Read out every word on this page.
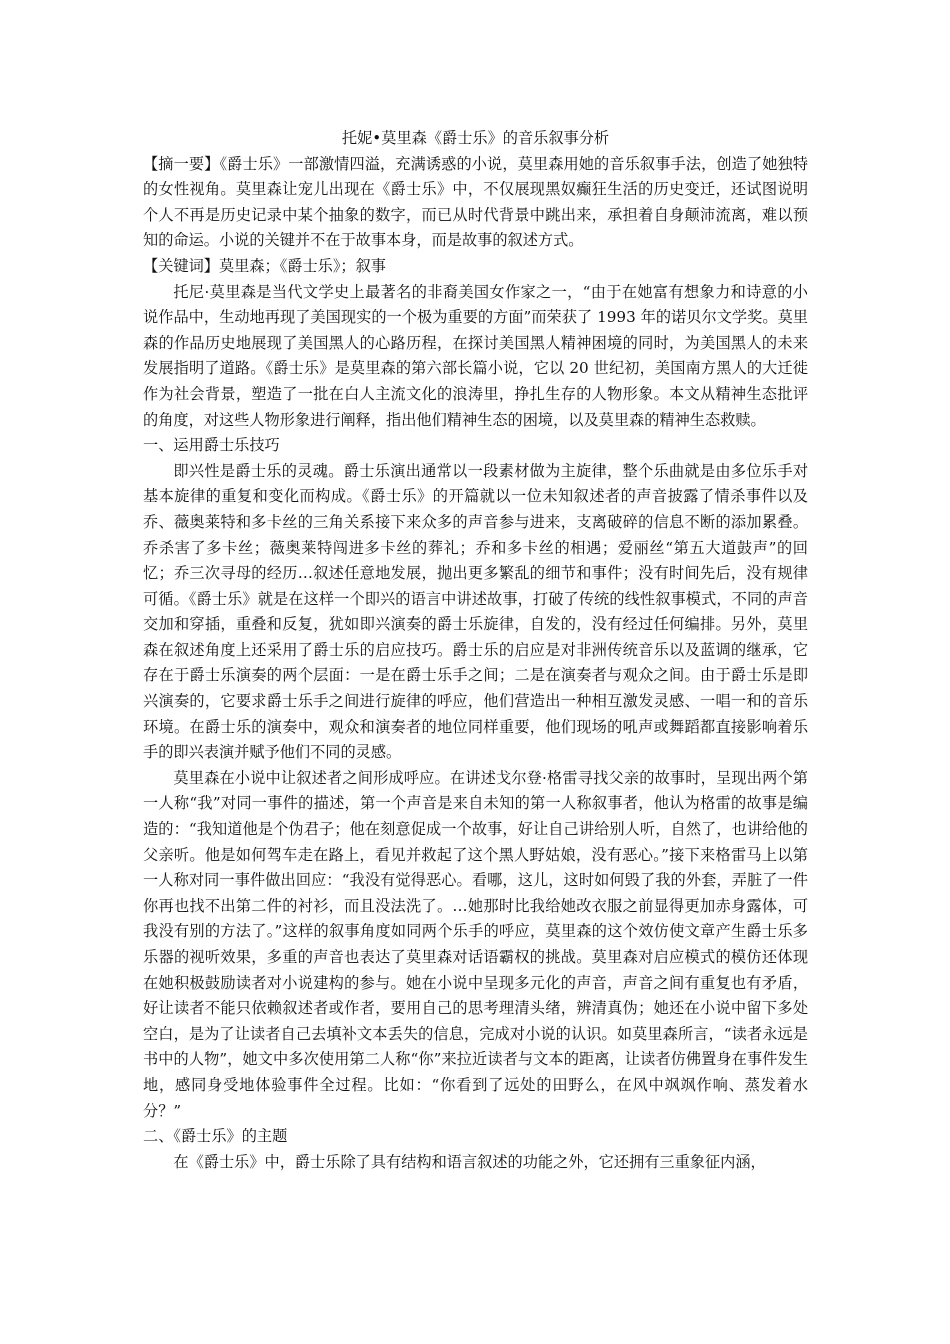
托妮•莫里森《爵士乐》的音乐叙事分析

【摘一要】《爵士乐》一部激情四溢，充满诱惑的小说，莫里森用她的音乐叙事手法，创造了她独特的女性视角。莫里森让宠儿出现在《爵士乐》中，不仅展现黑奴癫狂生活的历史变迁，还试图说明个人不再是历史记录中某个抽象的数字，而已从时代背景中跳出来，承担着自身颠沛流离，难以预知的命运。小说的关键并不在于故事本身，而是故事的叙述方式。

【关键词】莫里森；《爵士乐》；叙事

托尼·莫里森是当代文学史上最著名的非裔美国女作家之一，“由于在她富有想象力和诗意的小说作品中，生动地再现了美国现实的一个极为重要的方面”而荣获了 1993 年的诺贝尔文学奖。莫里森的作品历史地展现了美国黑人的心路历程，在探讨美国黑人精神困境的同时，为美国黑人的未来发展指明了道路。《爵士乐》是莫里森的第六部长篇小说，它以 20 世纪初，美国南方黑人的大迁徙作为社会背景，塑造了一批在白人主流文化的浪涛里，挣扎生存的人物形象。本文从精神生态批评的角度，对这些人物形象进行阐释，指出他们精神生态的困境，以及莫里森的精神生态救赎。

一、运用爵士乐技巧

即兴性是爵士乐的灵魂。爵士乐演出通常以一段素材做为主旋律，整个乐曲就是由多位乐手对基本旋律的重复和变化而构成。《爵士乐》的开篇就以一位未知叙述者的声音披露了情杀事件以及乔、薇奥莱特和多卡丝的三角关系接下来众多的声音参与进来，支离破碎的信息不断的添加累叠。乔杀害了多卡丝；薇奥莱特闯进多卡丝的葬礼；乔和多卡丝的相遇；爱丽丝“第五大道鼓声”的回忆；乔三次寻母的经历…叙述任意地发展，抛出更多繁乱的细节和事件；没有时间先后，没有规律可循。《爵士乐》就是在这样一个即兴的语言中讲述故事，打破了传统的线性叙事模式，不同的声音交加和穿插，重叠和反复，犹如即兴演奏的爵士乐旋律，自发的，没有经过任何编排。另外，莫里森在叙述角度上还采用了爵士乐的启应技巧。爵士乐的启应是对非洲传统音乐以及蓝调的继承，它存在于爵士乐演奏的两个层面：一是在爵士乐手之间；二是在演奏者与观众之间。由于爵士乐是即兴演奏的，它要求爵士乐手之间进行旋律的呼应，他们营造出一种相互激发灵感、一唱一和的音乐环境。在爵士乐的演奏中，观众和演奏者的地位同样重要，他们现场的吼声或舞蹈都直接影响着乐手的即兴表演并赋予他们不同的灵感。

莫里森在小说中让叙述者之间形成呼应。在讲述戈尔登·格雷寻找父亲的故事时，呈现出两个第一人称“我”对同一事件的描述，第一个声音是来自未知的第一人称叙事者，他认为格雷的故事是编造的：“我知道他是个伪君子；他在刻意促成一个故事，好让自己讲给别人听，自然了，也讲给他的父亲听。他是如何驾车走在路上，看见并救起了这个黑人野姑娘，没有恶心。”接下来格雷马上以第一人称对同一事件做出回应：“我没有觉得恶心。看哪，这儿，这时如何毁了我的外套，弄脏了一件你再也找不出第二件的衬衫，而且没法洗了。…她那时比我给她改衣服之前显得更加赤身露体，可我没有别的方法了。”这样的叙事角度如同两个乐手的呼应，莫里森的这个效仿使文章产生爵士乐多乐器的视听效果，多重的声音也表达了莫里森对话语霸权的挑战。莫里森对启应模式的模仿还体现在她积极鼓励读者对小说建构的参与。她在小说中呈现多元化的声音，声音之间有重复也有矛盾，好让读者不能只依赖叙述者或作者，要用自己的思考理清头绪，辨清真伪；她还在小说中留下多处空白，是为了让读者自己去填补文本丢失的信息，完成对小说的认识。如莫里森所言，“读者永远是书中的人物”，她文中多次使用第二人称“你”来拉近读者与文本的距离，让读者仿佛置身在事件发生地，感同身受地体验事件全过程。比如：“你看到了远处的田野么，在风中飒飒作响、蒸发着水分？”

二、《爵士乐》的主题

在《爵士乐》中，爵士乐除了具有结构和语言叙述的功能之外，它还拥有三重象征内涵，
